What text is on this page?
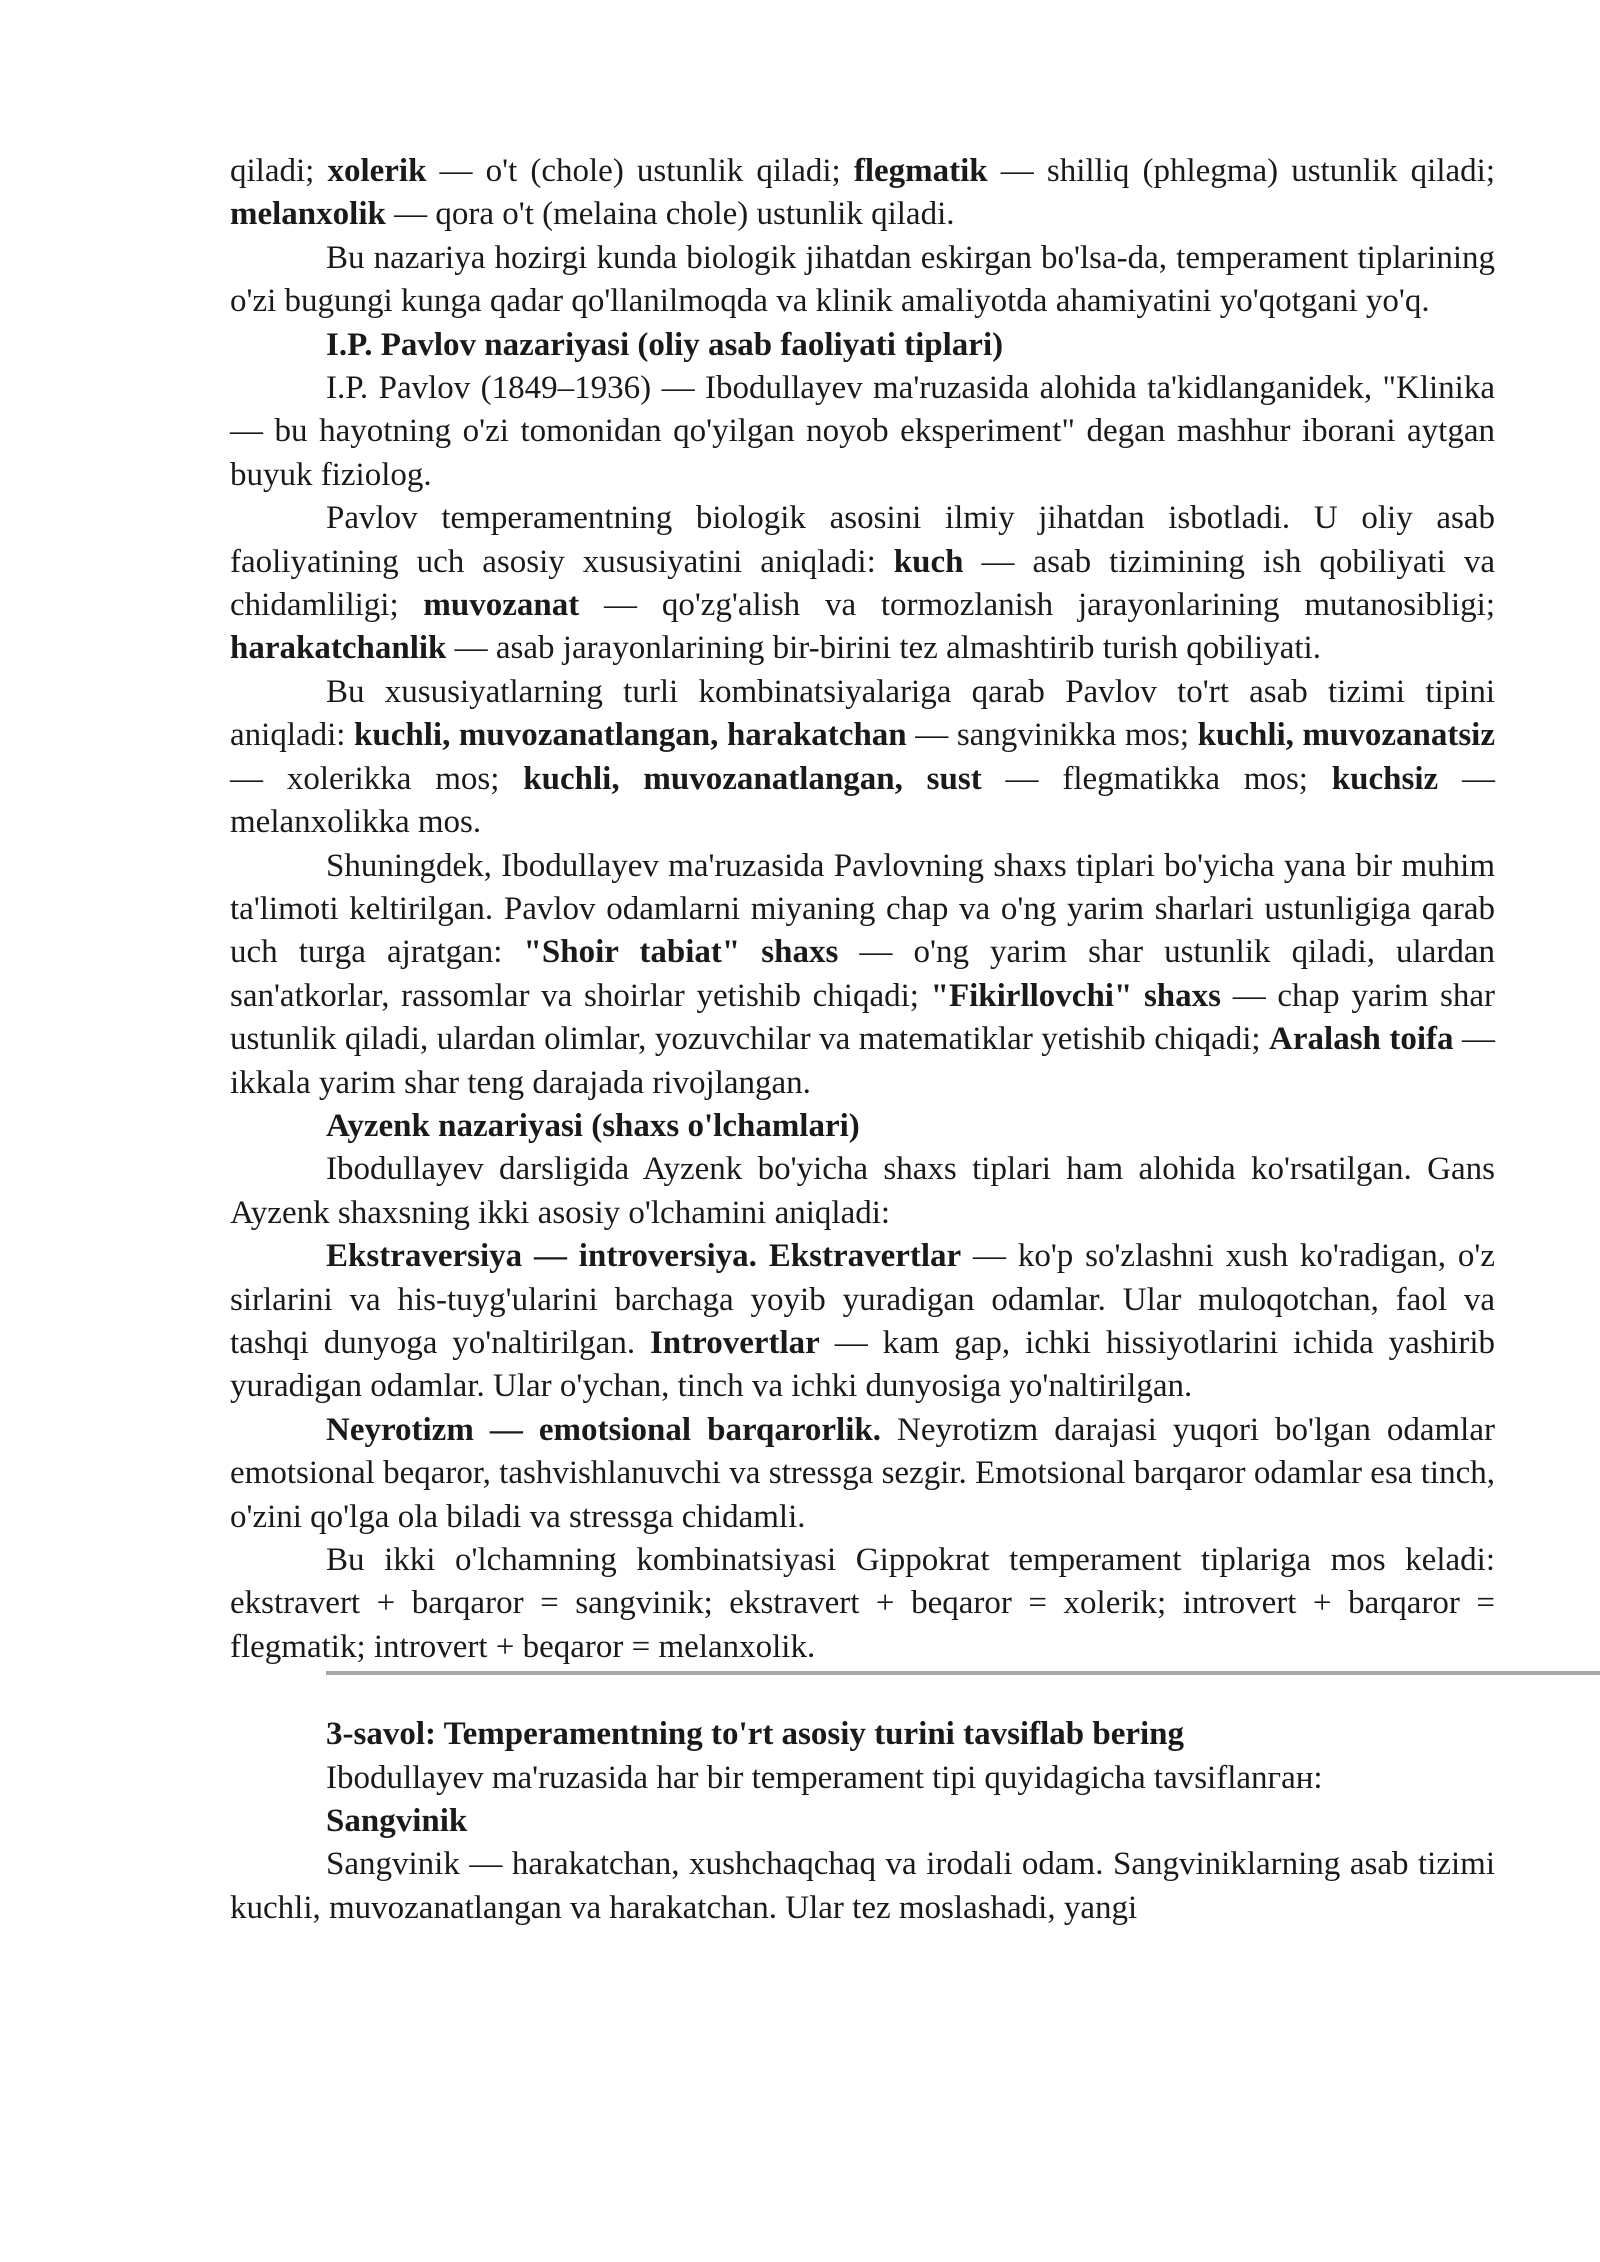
qiladi; xolerik — o't (chole) ustunlik qiladi; flegmatik — shilliq (phlegma) ustunlik qiladi; melanxolik — qora o't (melaina chole) ustunlik qiladi.

Bu nazariya hozirgi kunda biologik jihatdan eskirgan bo'lsa-da, temperament tiplarining o'zi bugungi kunga qadar qo'llanilmoqda va klinik amaliyotda ahamiyatini yo'qotgani yo'q.

I.P. Pavlov nazariyasi (oliy asab faoliyati tiplari)

I.P. Pavlov (1849–1936) — Ibodullayev ma'ruzasida alohida ta'kidlanganidek, "Klinika — bu hayotning o'zi tomonidan qo'yilgan noyob eksperiment" degan mashhur iborani aytgan buyuk fiziolog.

Pavlov temperamentning biologik asosini ilmiy jihatdan isbotladi. U oliy asab faoliyatining uch asosiy xususiyatini aniqladi: kuch — asab tizimining ish qobiliyati va chidamliligi; muvozanat — qo'zg'alish va tormozlanish jarayonlarining mutanosibligi; harakatchanlik — asab jarayonlarining bir-birini tez almashtirib turish qobiliyati.

Bu xususiyatlarning turli kombinatsiyalariga qarab Pavlov to'rt asab tizimi tipini aniqladi: kuchli, muvozanatlangan, harakatchan — sangvinikka mos; kuchli, muvozanatsiz — xolerikka mos; kuchli, muvozanatlangan, sust — flegmatikka mos; kuchsiz — melanxolikka mos.

Shuningdek, Ibodullayev ma'ruzasida Pavlovning shaxs tiplari bo'yicha yana bir muhim ta'limoti keltirilgan. Pavlov odamlarni miyaning chap va o'ng yarim sharlari ustunligiga qarab uch turga ajratgan: "Shoir tabiat" shaxs — o'ng yarim shar ustunlik qiladi, ulardan san'atkorlar, rassomlar va shoirlar yetishib chiqadi; "Fikirllovchi" shaxs — chap yarim shar ustunlik qiladi, ulardan olimlar, yozuvchilar va matematiklar yetishib chiqadi; Aralash toifa — ikkala yarim shar teng darajada rivojlangan.

Ayzenk nazariyasi (shaxs o'lchamlari)

Ibodullayev darsligida Ayzenk bo'yicha shaxs tiplari ham alohida ko'rsatilgan. Gans Ayzenk shaxsning ikki asosiy o'lchamini aniqladi:

Ekstraversiya — introversiya. Ekstravertlar — ko'p so'zlashni xush ko'radigan, o'z sirlarini va his-tuyg'ularini barchaga yoyib yuradigan odamlar. Ular muloqotchan, faol va tashqi dunyoga yo'naltirilgan. Introvertlar — kam gap, ichki hissiyotlarini ichida yashirib yuradigan odamlar. Ular o'ychan, tinch va ichki dunyosiga yo'naltirilgan.

Neyrotizm — emotsional barqarorlik. Neyrotizm darajasi yuqori bo'lgan odamlar emotsional beqaror, tashvishlanuvchi va stressga sezgir. Emotsional barqaror odamlar esa tinch, o'zini qo'lga ola biladi va stressga chidamli.

Bu ikki o'lchamning kombinatsiyasi Gippokrat temperament tiplariga mos keladi: ekstravert + barqaror = sangvinik; ekstravert + beqaror = xolerik; introvert + barqaror = flegmatik; introvert + beqaror = melanxolik.

3-savol: Temperamentning to'rt asosiy turini tavsiflab bering

Ibodullayev ma'ruzasida har bir temperament tipi quyidagicha tavsiflanган:

Sangvinik

Sangvinik — harakatchan, xushchaqchaq va irodali odam. Sangviniklarning asab tizimi kuchli, muvozanatlangan va harakatchan. Ular tez moslashadi, yangi
